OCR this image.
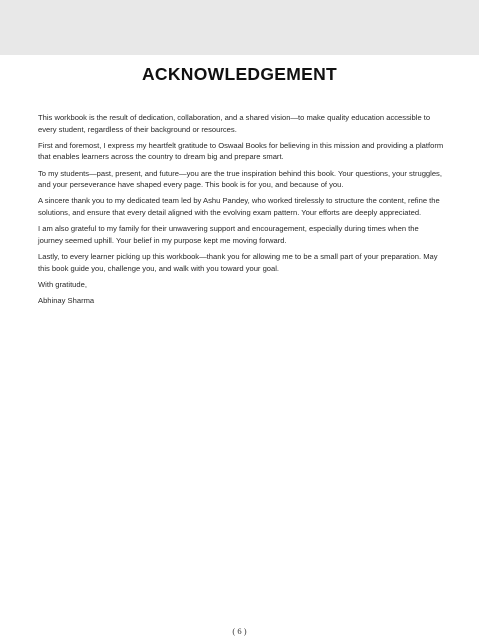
ACKNOWLEDGEMENT

This workbook is the result of dedication, collaboration, and a shared vision—to make quality education accessible to every student, regardless of their background or resources.

First and foremost, I express my heartfelt gratitude to Oswaal Books for believing in this mission and providing a platform that enables learners across the country to dream big and prepare smart.

To my students—past, present, and future—you are the true inspiration behind this book. Your questions, your struggles, and your perseverance have shaped every page. This book is for you, and because of you.

A sincere thank you to my dedicated team led by Ashu Pandey, who worked tirelessly to structure the content, refine the solutions, and ensure that every detail aligned with the evolving exam pattern. Your efforts are deeply appreciated.

I am also grateful to my family for their unwavering support and encouragement, especially during times when the journey seemed uphill. Your belief in my purpose kept me moving forward.

Lastly, to every learner picking up this workbook—thank you for allowing me to be a small part of your preparation. May this book guide you, challenge you, and walk with you toward your goal.

With gratitude,

Abhinay Sharma

( 6 )
